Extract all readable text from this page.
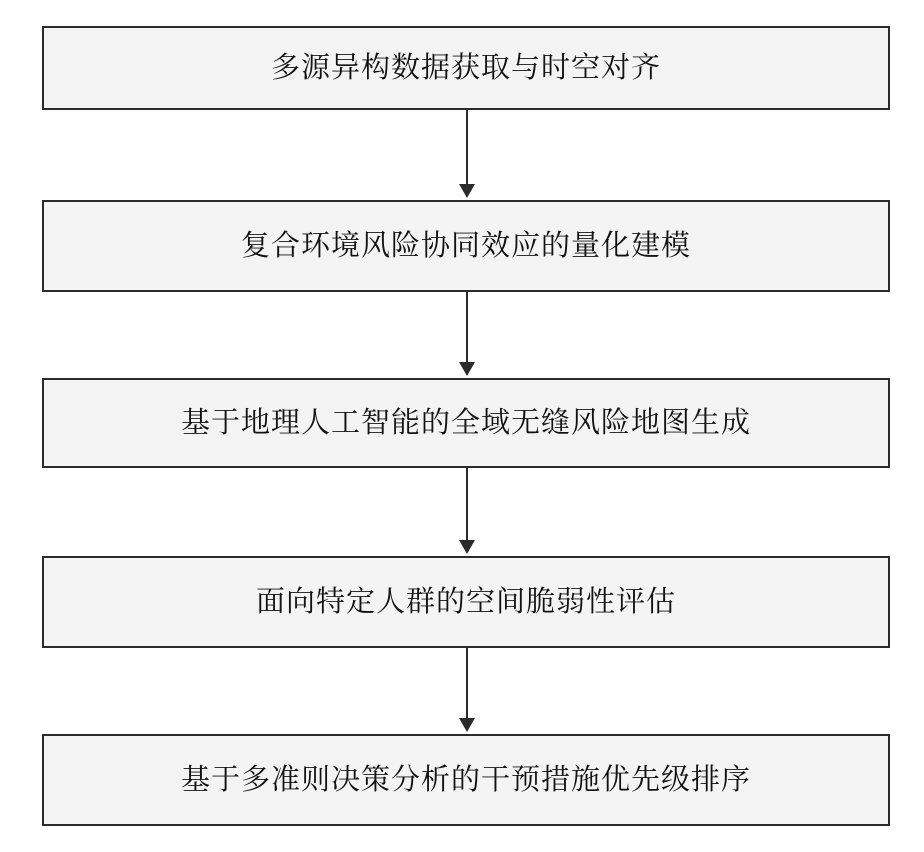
多源异构数据获取与时空对齐
复合环境风险协同效应的量化建模
基于地理人工智能的全域无缝风险地图生成
面向特定人群的空间脆弱性评估
基于多准则决策分析的干预措施优先级排序
